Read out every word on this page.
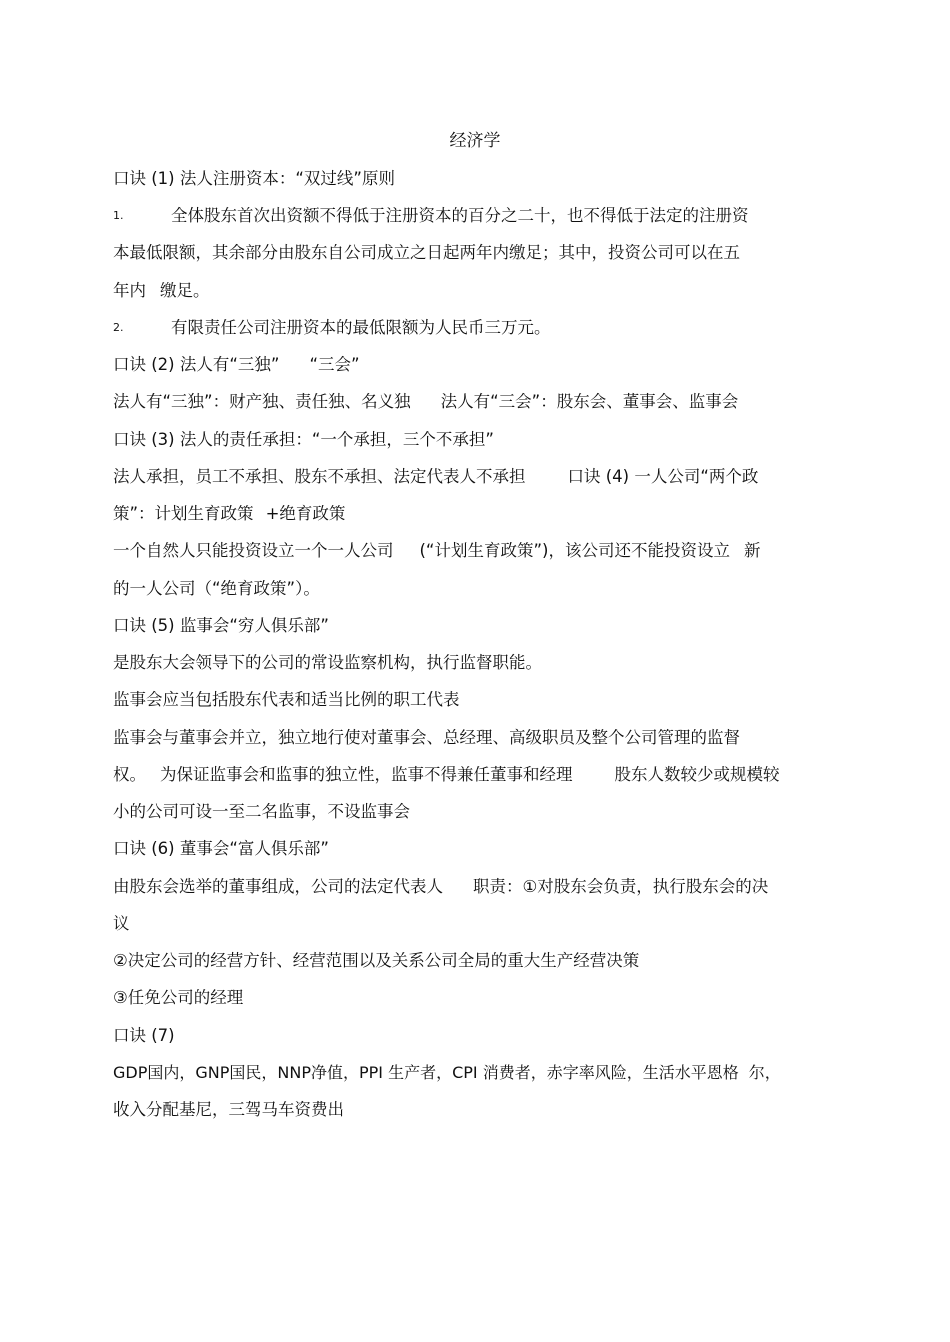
经济学
口诀 (1) 法人注册资本：“双过线”原则
1.	全体股东首次出资额不得低于注册资本的百分之二十，也不得低于法定的注册资
本最低限额，其余部分由股东自公司成立之日起两年内缴足；其中，投资公司可以在五
年内 缴足。
2.	有限责任公司注册资本的最低限额为人民币三万元。
口诀 (2) 法人有“三独” “三会”
法人有“三独”：财产独、责任独、名义独 法人有“三会”：股东会、董事会、监事会
口诀 (3) 法人的责任承担：“一个承担，三个不承担”
法人承担，员工不承担、股东不承担、法定代表人不承担	口诀 (4) 一人公司“两个政
策”：计划生育政策 +绝育政策
一个自然人只能投资设立一个一人公司 (“计划生育政策”)，该公司还不能投资设立 新
的一人公司（“绝育政策”）。
口诀 (5) 监事会“穷人俱乐部”
是股东大会领导下的公司的常设监察机构，执行监督职能。
监事会应当包括股东代表和适当比例的职工代表
监事会与董事会并立，独立地行使对董事会、总经理、高级职员及整个公司管理的监督
权。 为保证监事会和监事的独立性，监事不得兼任董事和经理	股东人数较少或规模较
小的公司可设一至二名监事，不设监事会
口诀 (6) 董事会“富人俱乐部”
由股东会选举的董事组成，公司的法定代表人 职责：①对股东会负责，执行股东会的决
议
②决定公司的经营方针、经营范围以及关系公司全局的重大生产经营决策
③任免公司的经理
口诀 (7)
GDP国内，GNP国民，NNP净值，PPI 生产者，CPI 消费者，赤字率风险，生活水平恩格 尔，
收入分配基尼，三驾马车资费出
